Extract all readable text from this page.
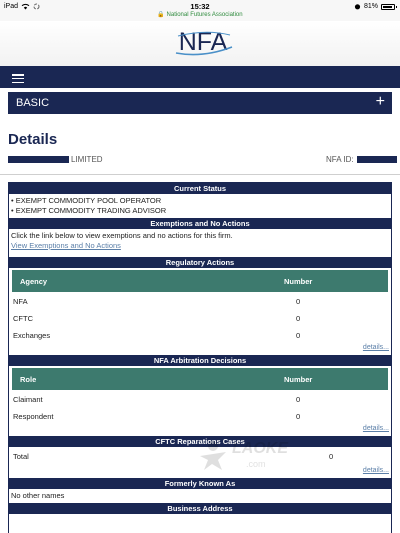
iPad	15:32
🔒 National Futures Association
81%
NFA
BASIC	+
Details
LIMITED	NFA ID:
Current Status
• EXEMPT COMMODITY POOL OPERATOR
• EXEMPT COMMODITY TRADING ADVISOR
Exemptions and No Actions
Click the link below to view exemptions and no actions for this firm.
View Exemptions and No Actions
Regulatory Actions
Agency	Number
NFA	0
CFTC	0
Exchanges	0
details...
NFA Arbitration Decisions
Role	Number
Claimant	0
Respondent	0
details...
CFTC Reparations Cases
Total	0
details...
Formerly Known As
No other names
Business Address
LAOKE
.com
